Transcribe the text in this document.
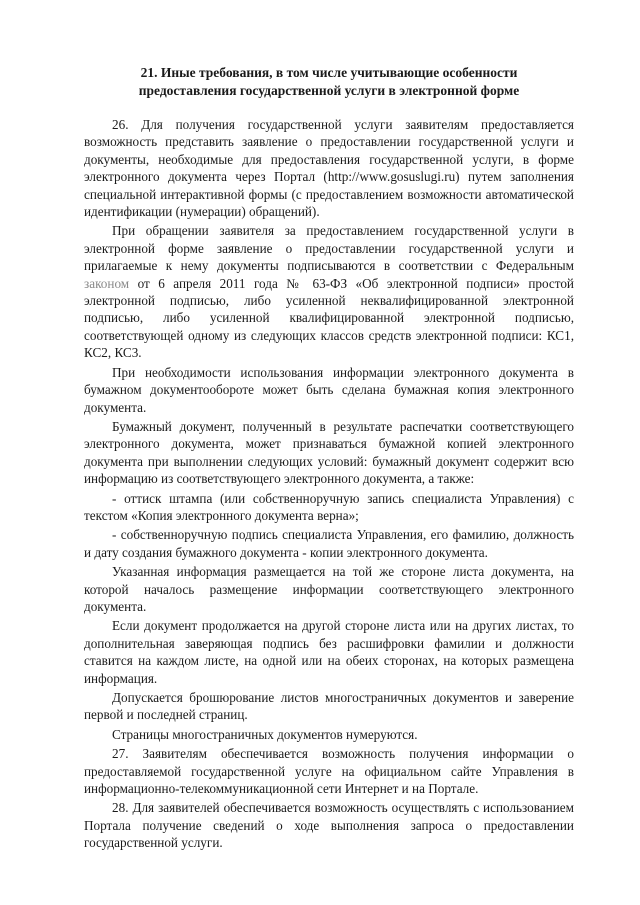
21. Иные требования, в том числе учитывающие особенности
предоставления государственной услуги в электронной форме

26. Для получения государственной услуги заявителям предоставляется возможность представить заявление о предоставлении государственной услуги и документы, необходимые для предоставления государственной услуги, в форме электронного документа через Портал (http://www.gosuslugi.ru) путем заполнения специальной интерактивной формы (с предоставлением возможности автоматической идентификации (нумерации) обращений).

При обращении заявителя за предоставлением государственной услуги в электронной форме заявление о предоставлении государственной услуги и прилагаемые к нему документы подписываются в соответствии с Федеральным законом от 6 апреля 2011 года № 63-ФЗ «Об электронной подписи» простой электронной подписью, либо усиленной неквалифицированной электронной подписью, либо усиленной квалифицированной электронной подписью, соответствующей одному из следующих классов средств электронной подписи: КС1, КС2, КС3.

При необходимости использования информации электронного документа в бумажном документообороте может быть сделана бумажная копия электронного документа.

Бумажный документ, полученный в результате распечатки соответствующего электронного документа, может признаваться бумажной копией электронного документа при выполнении следующих условий: бумажный документ содержит всю информацию из соответствующего электронного документа, а также:

- оттиск штампа (или собственноручную запись специалиста Управления) с текстом «Копия электронного документа верна»;

- собственноручную подпись специалиста Управления, его фамилию, должность и дату создания бумажного документа - копии электронного документа.

Указанная информация размещается на той же стороне листа документа, на которой началось размещение информации соответствующего электронного документа.

Если документ продолжается на другой стороне листа или на других листах, то дополнительная заверяющая подпись без расшифровки фамилии и должности ставится на каждом листе, на одной или на обеих сторонах, на которых размещена информация.

Допускается брошюрование листов многостраничных документов и заверение первой и последней страниц.

Страницы многостраничных документов нумеруются.

27. Заявителям обеспечивается возможность получения информации о предоставляемой государственной услуге на официальном сайте Управления в информационно-телекоммуникационной сети Интернет и на Портале.

28. Для заявителей обеспечивается возможность осуществлять с использованием Портала получение сведений о ходе выполнения запроса о предоставлении государственной услуги.
